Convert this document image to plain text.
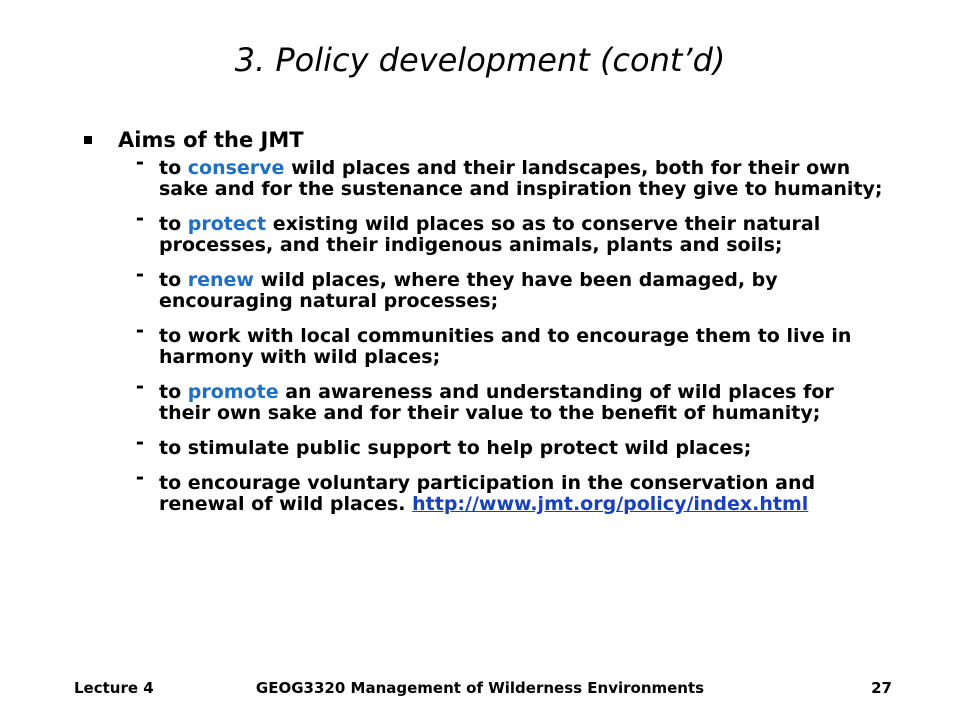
3. Policy development (cont’d)
Aims of the JMT
- to conserve wild places and their landscapes, both for their own sake and for the sustenance and inspiration they give to humanity;
- to protect existing wild places so as to conserve their natural processes, and their indigenous animals, plants and soils;
- to renew wild places, where they have been damaged, by encouraging natural processes;
- to work with local communities and to encourage them to live in harmony with wild places;
- to promote an awareness and understanding of wild places for their own sake and for their value to the benefit of humanity;
- to stimulate public support to help protect wild places;
- to encourage voluntary participation in the conservation and renewal of wild places. http://www.jmt.org/policy/index.html
Lecture 4	GEOG3320 Management of Wilderness Environments	27
